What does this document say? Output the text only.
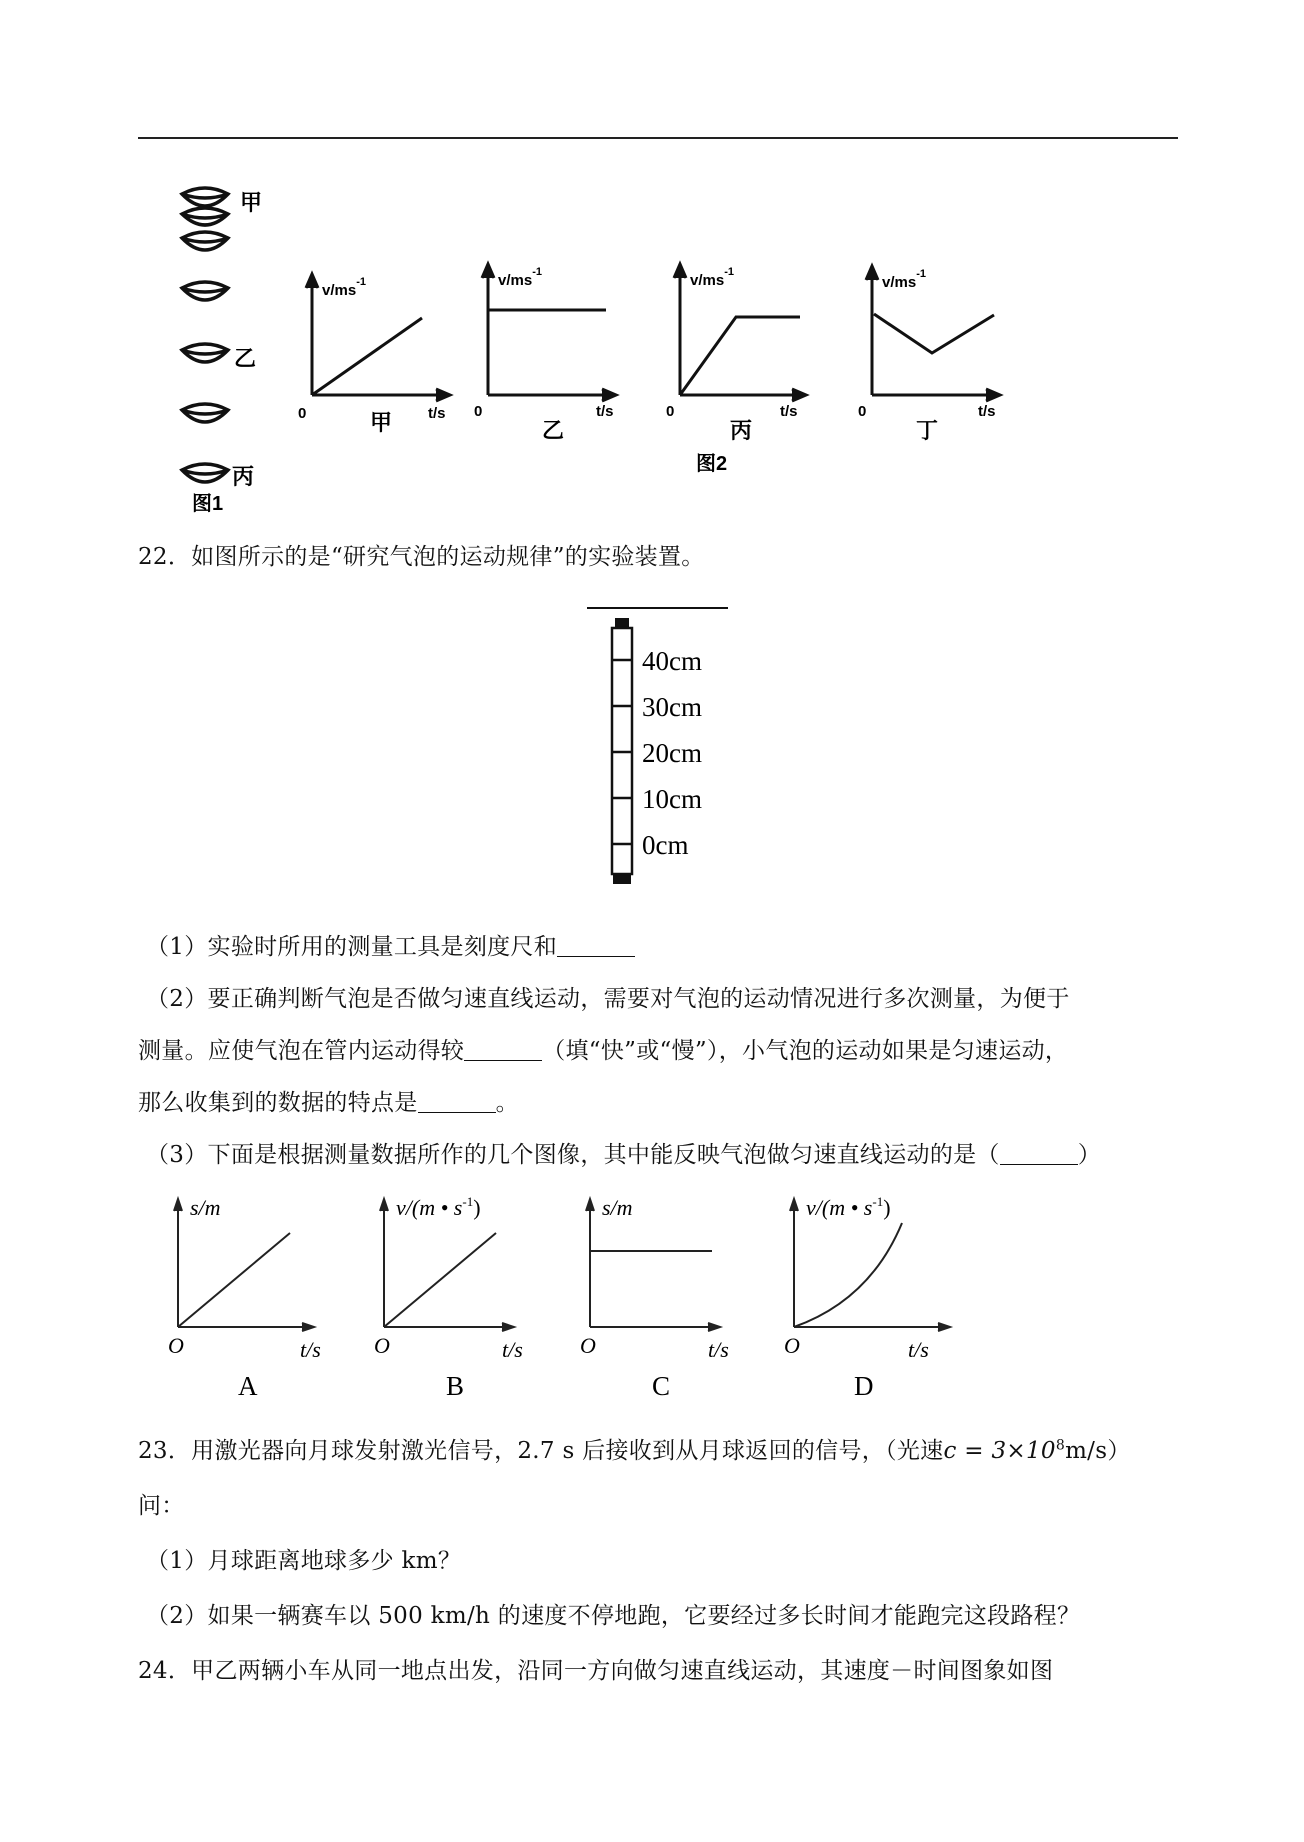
甲
乙
丙
图1
$v/ms^{-1}$
0	t/s
甲
$v/ms^{-1}$
0	t/s
乙
$v/ms^{-1}$
0	t/s
丙
图2
$v/ms^{-1}$
0	t/s
丁
22．如图所示的是“研究气泡的运动规律”的实验装置。
40cm
30cm
20cm
10cm
0cm
（1）实验时所用的测量工具是刻度尺和
（2）要正确判断气泡是否做匀速直线运动，需要对气泡的运动情况进行多次测量，为便于
测量。应使气泡在管内运动得较	（填“快”或“慢”），小气泡的运动如果是匀速运动，
那么收集到的数据的特点是	。
（3）下面是根据测量数据所作的几个图像，其中能反映气泡做匀速直线运动的是（	）
s/m
O	t/s
A
v/(m • $s^{-1}$)
O	t/s
B
s/m
O	t/s
C
v/(m • $s^{-1}$)
O	t/s
D
23．用激光器向月球发射激光信号，2.7 s 后接收到从月球返回的信号，（光速$c = 3\times 10^8m/s$）
问：
（1）月球距离地球多少 km？
（2）如果一辆赛车以 500 km/h 的速度不停地跑，它要经过多长时间才能跑完这段路程？
24．甲乙两辆小车从同一地点出发，沿同一方向做匀速直线运动，其速度－时间图象如图
